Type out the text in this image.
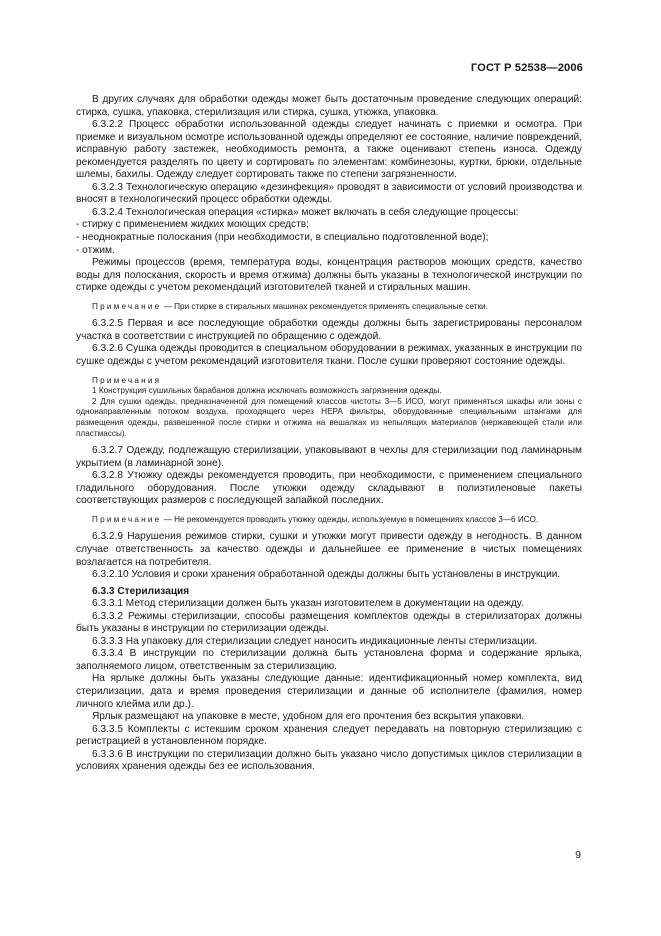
ГОСТ Р 52538—2006

В других случаях для обработки одежды может быть достаточным проведение следующих операций: стирка, сушка, упаковка, стерилизация или стирка, сушка, утюжка, упаковка.

6.3.2.2 Процесс обработки использованной одежды следует начинать с приемки и осмотра. При приемке и визуальном осмотре использованной одежды определяют ее состояние, наличие повреждений, исправную работу застежек, необходимость ремонта, а также оценивают степень износа. Одежду рекомендуется разделять по цвету и сортировать по элементам: комбинезоны, куртки, брюки, отдельные шлемы, бахилы. Одежду следует сортировать также по степени загрязненности.

6.3.2.3 Технологическую операцию «дезинфекция» проводят в зависимости от условий производства и вносят в технологический процесс обработки одежды.

6.3.2.4 Технологическая операция «стирка» может включать в себя следующие процессы:

- стирку с применением жидких моющих средств;

- неоднократные полоскания (при необходимости, в специально подготовленной воде);

- отжим.

Режимы процессов (время, температура воды, концентрация растворов моющих средств, качество воды для полоскания, скорость и время отжима) должны быть указаны в технологической инструкции по стирке одежды с учетом рекомендаций изготовителей тканей и стиральных машин.

Примечание — При стирке в стиральных машинах рекомендуется применять специальные сетки.

6.3.2.5 Первая и все последующие обработки одежды должны быть зарегистрированы персоналом участка в соответствии с инструкцией по обращению с одеждой.

6.3.2.6 Сушка одежды проводится в специальном оборудовании в режимах, указанных в инструкции по сушке одежды с учетом рекомендаций изготовителя ткани. После сушки проверяют состояние одежды.

Примечания

1 Конструкция сушильных барабанов должна исключать возможность загрязнения одежды.

2 Для сушки одежды, предназначенной для помещений классов чистоты 3—5 ИСО, могут применяться шкафы или зоны с однонаправленным потоком воздуха, проходящего через HEPA фильтры, оборудованные специальными штангами для размещения одежды, развешенной после стирки и отжима на вешалках из непылящих материалов (нержавеющей стали или пластмассы).

6.3.2.7 Одежду, подлежащую стерилизации, упаковывают в чехлы для стерилизации под ламинарным укрытием (в ламинарной зоне).

6.3.2.8 Утюжку одежды рекомендуется проводить, при необходимости, с применением специального гладильного оборудования. После утюжки одежду складывают в полиэтиленовые пакеты соответствующих размеров с последующей запайкой последних.

Примечание — Не рекомендуется проводить утюжку одежды, используемую в помещениях классов 3—6 ИСО.

6.3.2.9 Нарушения режимов стирки, сушки и утюжки могут привести одежду в негодность. В данном случае ответственность за качество одежды и дальнейшее ее применение в чистых помещениях возлагается на потребителя.

6.3.2.10 Условия и сроки хранения обработанной одежды должны быть установлены в инструкции.

6.3.3 Стерилизация

6.3.3.1 Метод стерилизации должен быть указан изготовителем в документации на одежду.

6.3.3.2 Режимы стерилизации, способы размещения комплектов одежды в стерилизаторах должны быть указаны в инструкции по стерилизации одежды.

6.3.3.3 На упаковку для стерилизации следует наносить индикационные ленты стерилизации.

6.3.3.4 В инструкции по стерилизации должна быть установлена форма и содержание ярлыка, заполняемого лицом, ответственным за стерилизацию.

На ярлыке должны быть указаны следующие данные: идентификационный номер комплекта, вид стерилизации, дата и время проведения стерилизации и данные об исполнителе (фамилия, номер личного клейма или др.).

Ярлык размещают на упаковке в месте, удобном для его прочтения без вскрытия упаковки.

6.3.3.5 Комплекты с истекшим сроком хранения следует передавать на повторную стерилизацию с регистрацией в установленном порядке.

6.3.3.6 В инструкции по стерилизации должно быть указано число допустимых циклов стерилизации в условиях хранения одежды без ее использования.

9
